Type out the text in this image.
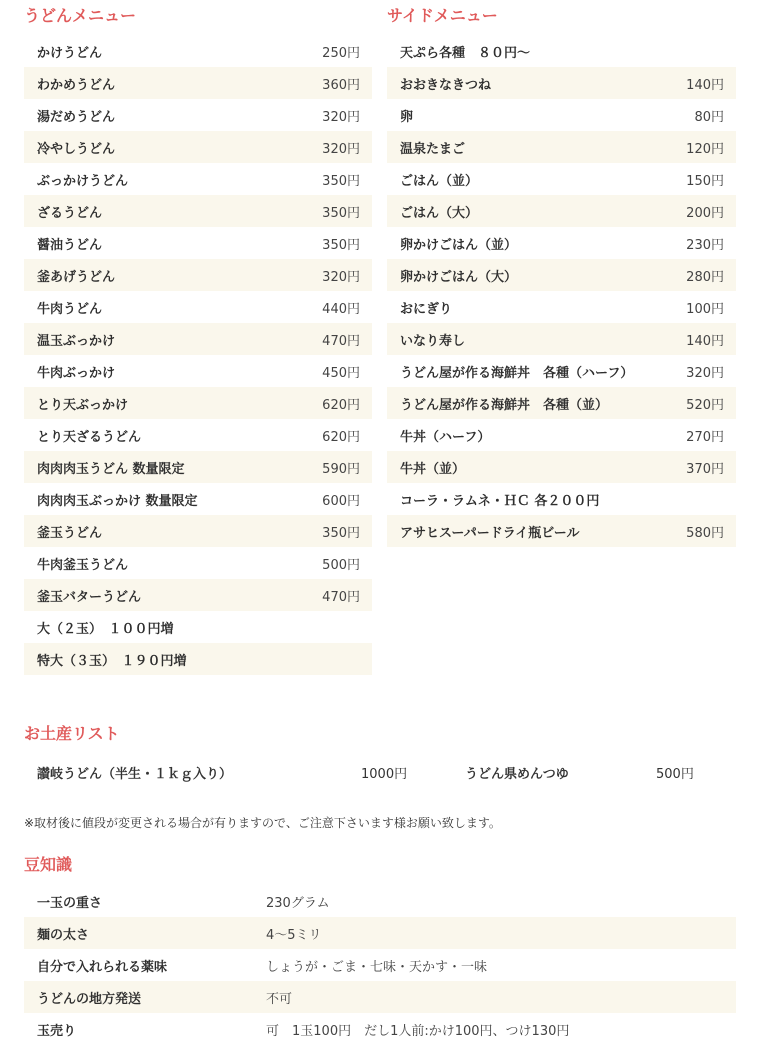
うどんメニュー	サイドメニュー
かけうどん	250円
わかめうどん	360円
湯だめうどん	320円
冷やしうどん	320円
ぶっかけうどん	350円
ざるうどん	350円
醤油うどん	350円
釜あげうどん	320円
牛肉うどん	440円
温玉ぶっかけ	470円
牛肉ぶっかけ	450円
とり天ぶっかけ	620円
とり天ざるうどん	620円
肉肉肉玉うどん 数量限定	590円
肉肉肉玉ぶっかけ 数量限定	600円
釜玉うどん	350円
牛肉釜玉うどん	500円
釜玉バターうどん	470円
大（２玉）　１００円増
特大（３玉）　１９０円増
天ぷら各種　８０円～
おおきなきつね	140円
卵	80円
温泉たまご	120円
ごはん（並）	150円
ごはん（大）	200円
卵かけごはん（並）	230円
卵かけごはん（大）	280円
おにぎり	100円
いなり寿し	140円
うどん屋が作る海鮮丼　各種（ハーフ）	320円
うどん屋が作る海鮮丼　各種（並）	520円
牛丼（ハーフ）	270円
牛丼（並）	370円
コーラ・ラムネ・ＨＣ 各２００円
アサヒスーパードライ瓶ビール	580円
お土産リスト
讃岐うどん（半生・１ｋｇ入り）	1000円	うどん県めんつゆ	500円
※取材後に値段が変更される場合が有りますので、ご注意下さいます様お願い致します。
豆知識
一玉の重さ	230グラム
麺の太さ	4～5ミリ
自分で入れられる薬味	しょうが・ごま・七味・天かす・一味
うどんの地方発送	不可
玉売り	可　1玉100円　だし1人前:かけ100円、つけ130円
